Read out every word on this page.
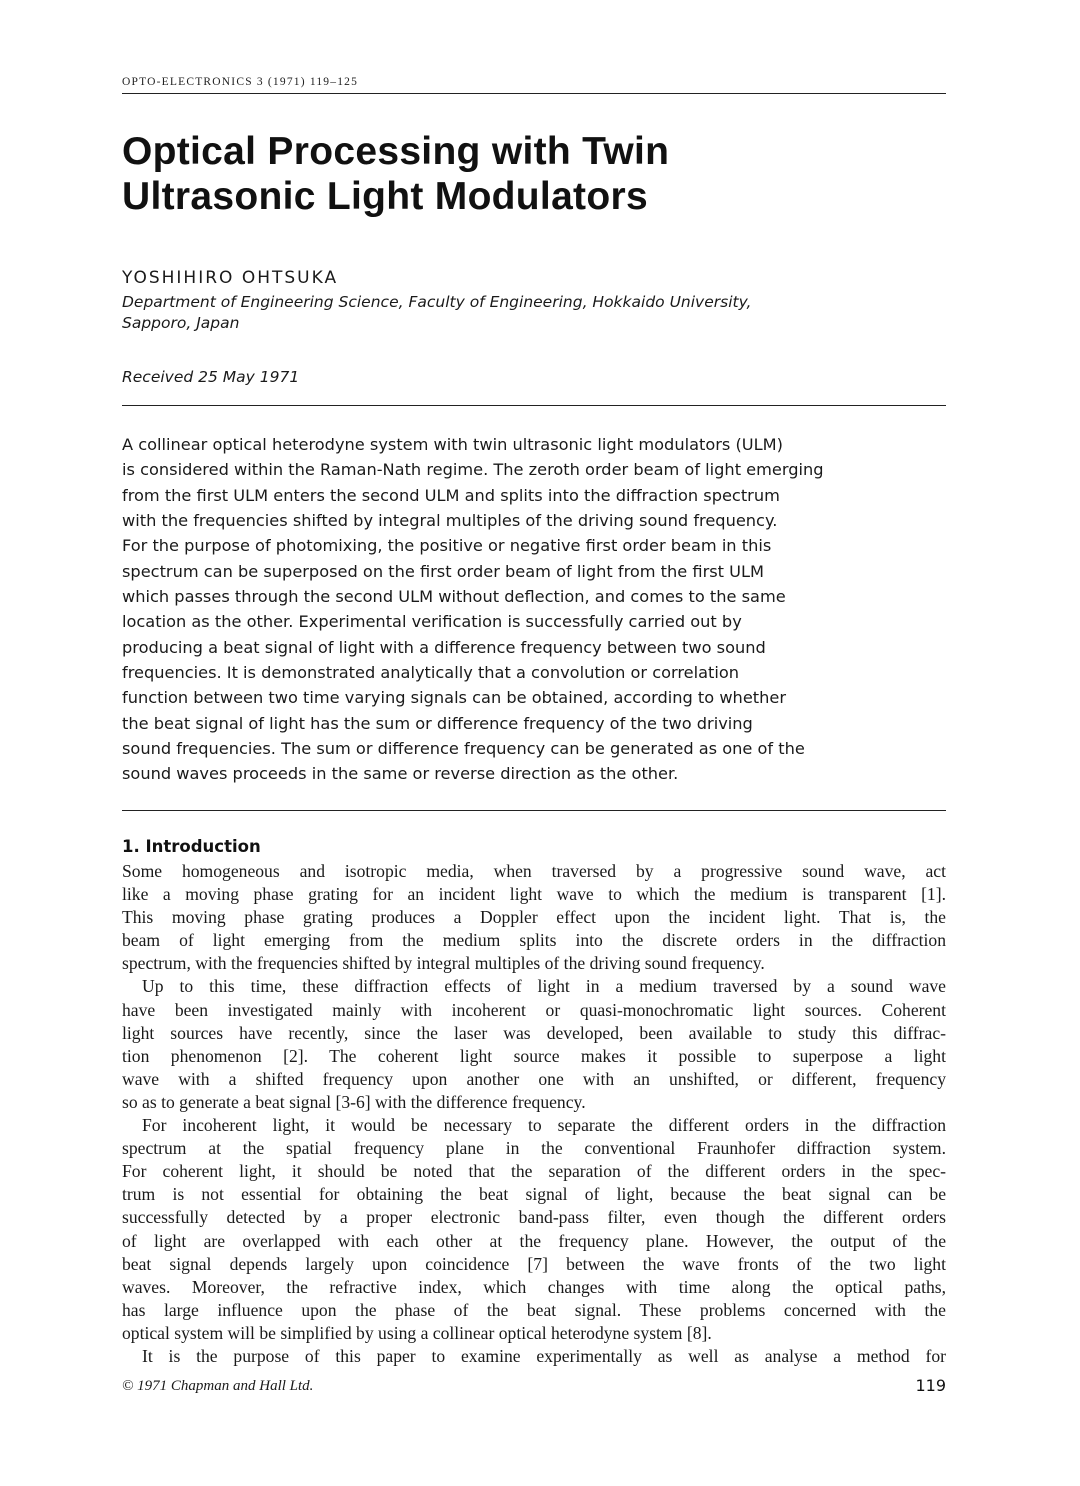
OPTO-ELECTRONICS 3 (1971) 119–125
Optical Processing with Twin
Ultrasonic Light Modulators
YOSHIHIRO OHTSUKA
Department of Engineering Science, Faculty of Engineering, Hokkaido University,
Sapporo, Japan
Received 25 May 1971
A collinear optical heterodyne system with twin ultrasonic light modulators (ULM)
is considered within the Raman-Nath regime. The zeroth order beam of light emerging
from the first ULM enters the second ULM and splits into the diffraction spectrum
with the frequencies shifted by integral multiples of the driving sound frequency.
For the purpose of photomixing, the positive or negative first order beam in this
spectrum can be superposed on the first order beam of light from the first ULM
which passes through the second ULM without deflection, and comes to the same
location as the other. Experimental verification is successfully carried out by
producing a beat signal of light with a difference frequency between two sound
frequencies. It is demonstrated analytically that a convolution or correlation
function between two time varying signals can be obtained, according to whether
the beat signal of light has the sum or difference frequency of the two driving
sound frequencies. The sum or difference frequency can be generated as one of the
sound waves proceeds in the same or reverse direction as the other.
1. Introduction
Some homogeneous and isotropic media, when traversed by a progressive sound wave, act
like a moving phase grating for an incident light wave to which the medium is transparent [1].
This moving phase grating produces a Doppler effect upon the incident light. That is, the
beam of light emerging from the medium splits into the discrete orders in the diffraction
spectrum, with the frequencies shifted by integral multiples of the driving sound frequency.
Up to this time, these diffraction effects of light in a medium traversed by a sound wave
have been investigated mainly with incoherent or quasi-monochromatic light sources. Coherent
light sources have recently, since the laser was developed, been available to study this diffrac-
tion phenomenon [2]. The coherent light source makes it possible to superpose a light
wave with a shifted frequency upon another one with an unshifted, or different, frequency
so as to generate a beat signal [3-6] with the difference frequency.
For incoherent light, it would be necessary to separate the different orders in the diffraction
spectrum at the spatial frequency plane in the conventional Fraunhofer diffraction system.
For coherent light, it should be noted that the separation of the different orders in the spec-
trum is not essential for obtaining the beat signal of light, because the beat signal can be
successfully detected by a proper electronic band-pass filter, even though the different orders
of light are overlapped with each other at the frequency plane. However, the output of the
beat signal depends largely upon coincidence [7] between the wave fronts of the two light
waves. Moreover, the refractive index, which changes with time along the optical paths,
has large influence upon the phase of the beat signal. These problems concerned with the
optical system will be simplified by using a collinear optical heterodyne system [8].
It is the purpose of this paper to examine experimentally as well as analyse a method for
© 1971 Chapman and Hall Ltd.	119
